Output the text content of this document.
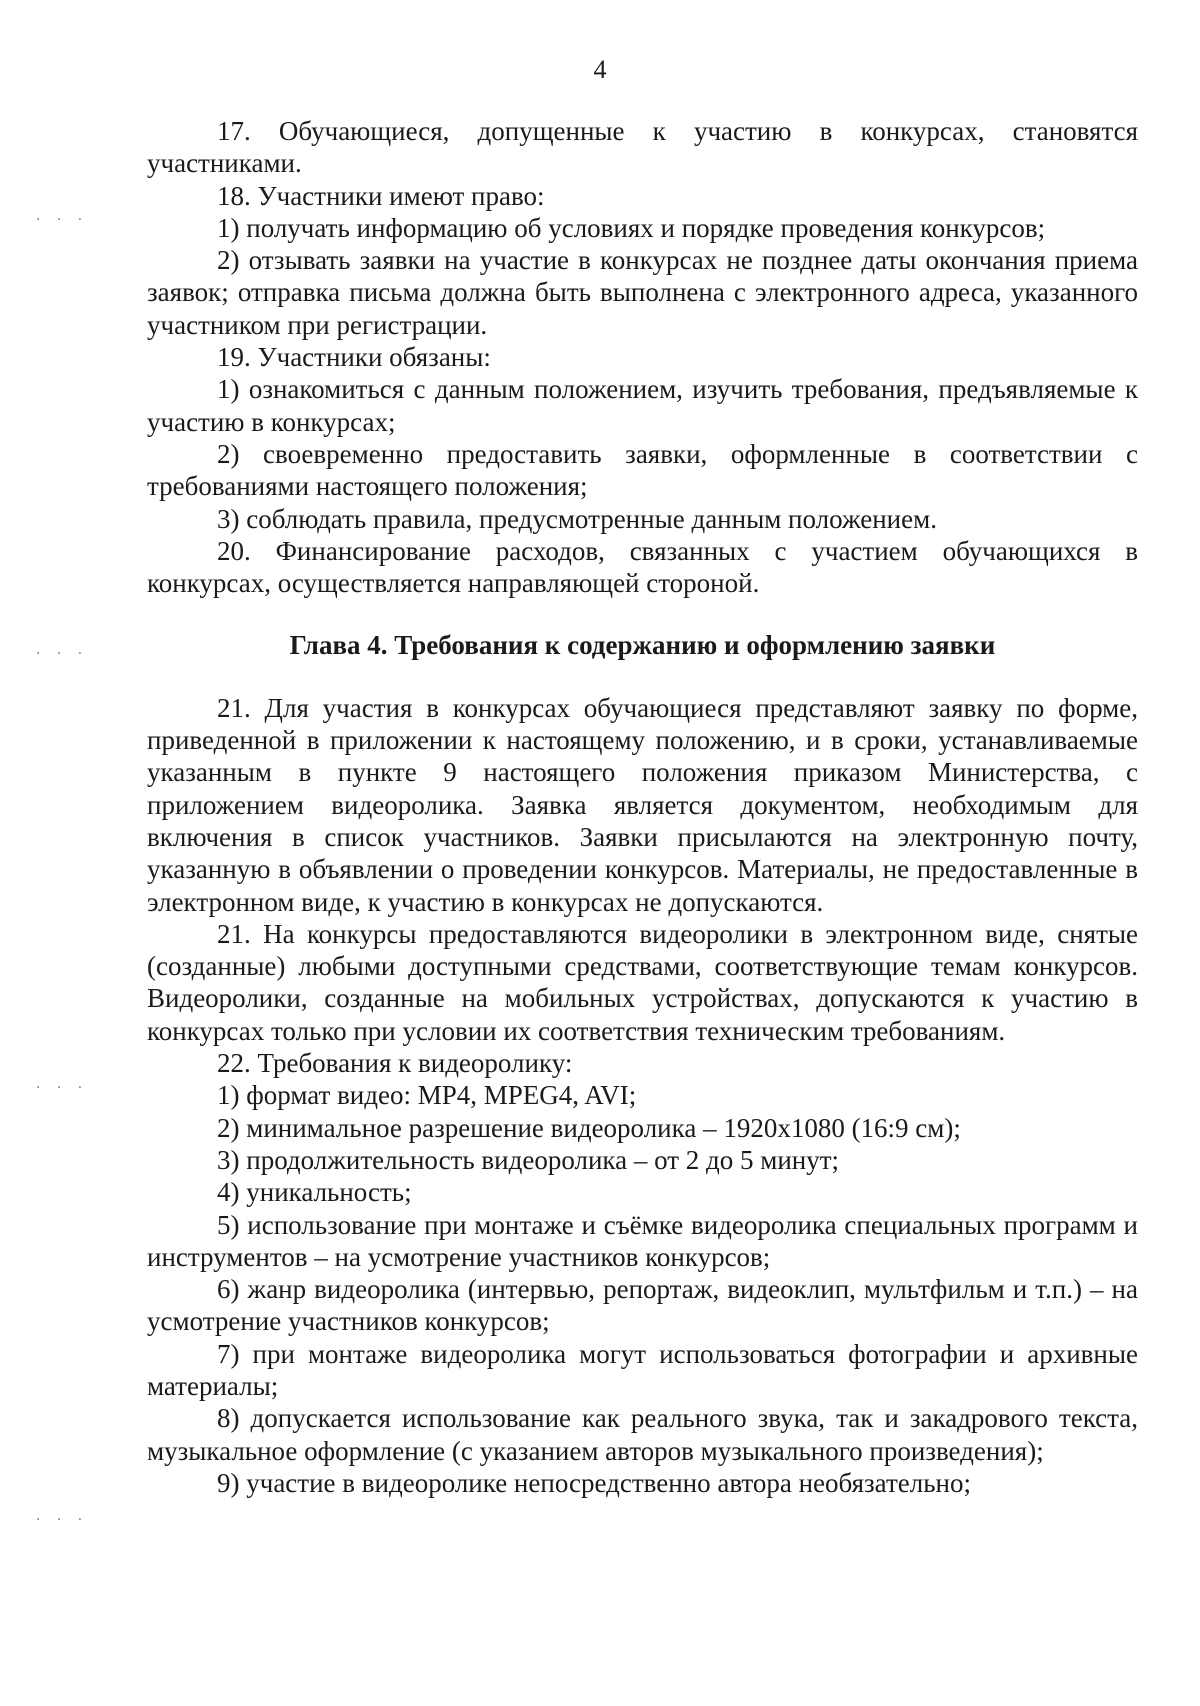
4

17. Обучающиеся, допущенные к участию в конкурсах, становятся участниками.

18. Участники имеют право:

1) получать информацию об условиях и порядке проведения конкурсов;

2) отзывать заявки на участие в конкурсах не позднее даты окончания приема заявок; отправка письма должна быть выполнена с электронного адреса, указанного участником при регистрации.

19. Участники обязаны:

1) ознакомиться с данным положением, изучить требования, предъявляемые к участию в конкурсах;

2) своевременно предоставить заявки, оформленные в соответствии с требованиями настоящего положения;

3) соблюдать правила, предусмотренные данным положением.

20. Финансирование расходов, связанных с участием обучающихся в конкурсах, осуществляется направляющей стороной.

Глава 4. Требования к содержанию и оформлению заявки

21. Для участия в конкурсах обучающиеся представляют заявку по форме, приведенной в приложении к настоящему положению, и в сроки, устанавливаемые указанным в пункте 9 настоящего положения приказом Министерства, с приложением видеоролика. Заявка является документом, необходимым для включения в список участников. Заявки присылаются на электронную почту, указанную в объявлении о проведении конкурсов. Материалы, не предоставленные в электронном виде, к участию в конкурсах не допускаются.

21. На конкурсы предоставляются видеоролики в электронном виде, снятые (созданные) любыми доступными средствами, соответствующие темам конкурсов. Видеоролики, созданные на мобильных устройствах, допускаются к участию в конкурсах только при условии их соответствия техническим требованиям.

22. Требования к видеоролику:

1) формат видео: MP4, MPEG4, AVI;

2) минимальное разрешение видеоролика – 1920x1080 (16:9 см);

3) продолжительность видеоролика – от 2 до 5 минут;

4) уникальность;

5) использование при монтаже и съёмке видеоролика специальных программ и инструментов – на усмотрение участников конкурсов;

6) жанр видеоролика (интервью, репортаж, видеоклип, мультфильм и т.п.) – на усмотрение участников конкурсов;

7) при монтаже видеоролика могут использоваться фотографии и архивные материалы;

8) допускается использование как реального звука, так и закадрового текста, музыкальное оформление (с указанием авторов музыкального произведения);

9) участие в видеоролике непосредственно автора необязательно;

· · ·
· · ·
· · ·
· · ·
